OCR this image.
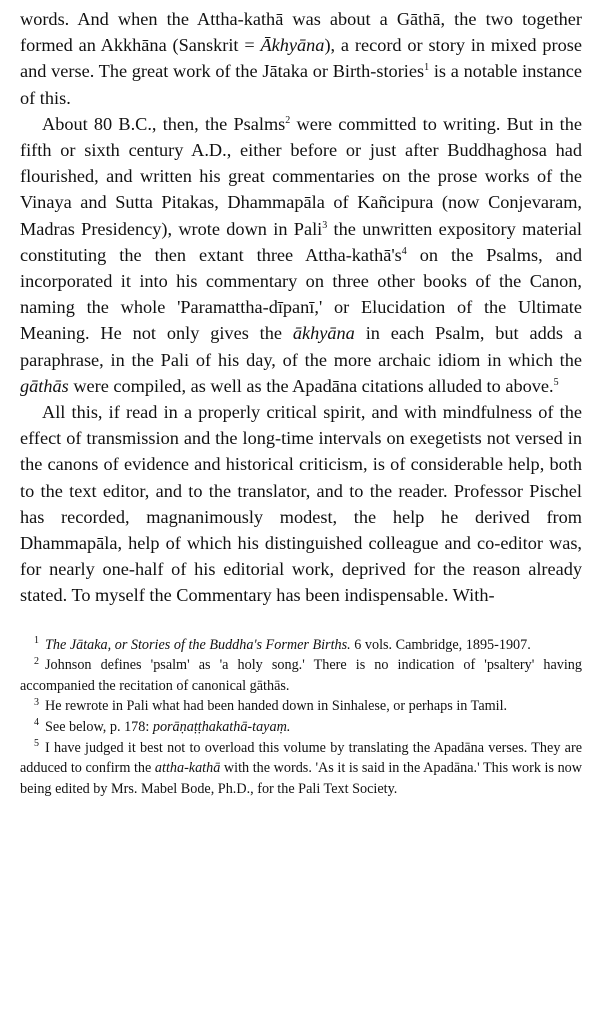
words. And when the Attha-kathā was about a Gāthā, the two together formed an Akkhāna (Sanskrit = Ākhyāna), a record or story in mixed prose and verse. The great work of the Jātaka or Birth-stories$^1$ is a notable instance of this.

About 80 B.C., then, the Psalms$^2$ were committed to writing. But in the fifth or sixth century A.D., either before or just after Buddhaghosa had flourished, and written his great commentaries on the prose works of the Vinaya and Sutta Pitakas, Dhammapāla of Kañcipura (now Conjevaram, Madras Presidency), wrote down in Pali$^3$ the unwritten expository material constituting the then extant three Attha-$kathā's^4$ on the Psalms, and incorporated it into his commentary on three other books of the Canon, naming the whole 'Paramattha-dīpanī,' or Elucidation of the Ultimate Meaning. He not only gives the ākhyāna in each Psalm, but adds a paraphrase, in the Pali of his day, of the more archaic idiom in which the gāthās were compiled, as well as the Apadāna citations alluded to above.$^5$

All this, if read in a properly critical spirit, and with mindfulness of the effect of transmission and the long-time intervals on exegetists not versed in the canons of evidence and historical criticism, is of considerable help, both to the text editor, and to the translator, and to the reader. Professor Pischel has recorded, magnanimously modest, the help he derived from Dhammapāla, help of which his distinguished colleague and co-editor was, for nearly one-half of his editorial work, deprived for the reason already stated. To myself the Commentary has been indispensable. With-

$^1$ The Jātaka, or Stories of the Buddha's Former Births. 6 vols. Cambridge, 1895-1907.

$^2$ Johnson defines 'psalm' as 'a holy song.' There is no indication of 'psaltery' having accompanied the recitation of canonical gāthās.

$^3$ He rewrote in Pali what had been handed down in Sinhalese, or perhaps in Tamil.

$^4$ See below, p. 178: porāṇaṭṭhakathā-tayaṃ.

$^5$ I have judged it best not to overload this volume by translating the Apadāna verses. They are adduced to confirm the attha-kathā with the words. 'As it is said in the Apadāna.' This work is now being edited by Mrs. Mabel Bode, Ph.D., for the Pali Text Society.
